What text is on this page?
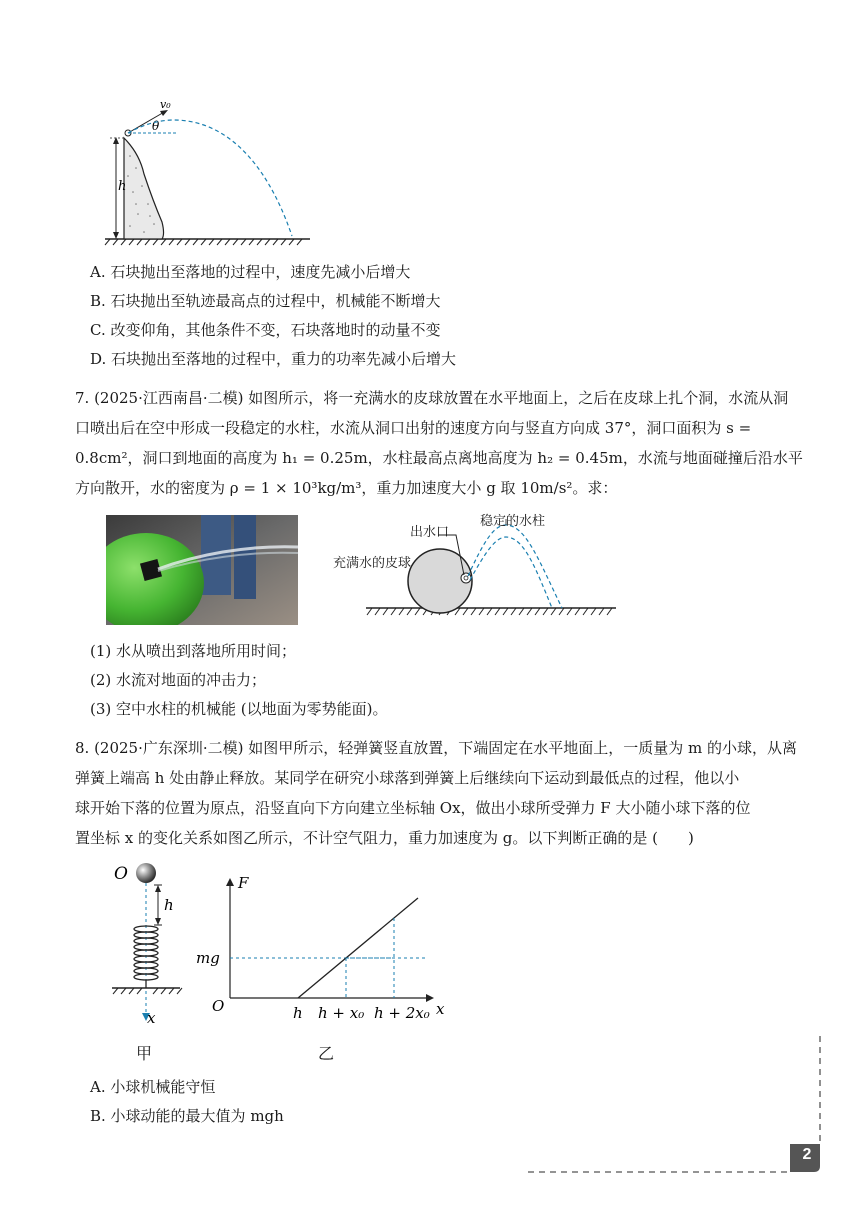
h
v₀
θ
A. 石块抛出至落地的过程中，速度先减小后增大
B. 石块抛出至轨迹最高点的过程中，机械能不断增大
C. 改变仰角，其他条件不变，石块落地时的动量不变
D. 石块抛出至落地的过程中，重力的功率先减小后增大
7. (2025·江西南昌·二模) 如图所示，将一充满水的皮球放置在水平地面上，之后在皮球上扎个洞，水流从洞
口喷出后在空中形成一段稳定的水柱，水流从洞口出射的速度方向与竖直方向成 37°，洞口面积为 s =
0.8cm²，洞口到地面的高度为 h₁ = 0.25m，水柱最高点离地高度为 h₂ = 0.45m，水流与地面碰撞后沿水平
方向散开，水的密度为 ρ = 1 × 10³kg/m³，重力加速度大小 g 取 10m/s²。求：
出水口
稳定的水柱
充满水的皮球
(1) 水从喷出到落地所用时间；
(2) 水流对地面的冲击力；
(3) 空中水柱的机械能 (以地面为零势能面)。
8. (2025·广东深圳·二模) 如图甲所示，轻弹簧竖直放置，下端固定在水平地面上，一质量为 m 的小球，从离
弹簧上端高 h 处由静止释放。某同学在研究小球落到弹簧上后继续向下运动到最低点的过程，他以小
球开始下落的位置为原点，沿竖直向下方向建立坐标轴 Ox，做出小球所受弹力 F 大小随小球下落的位
置坐标 x 的变化关系如图乙所示，不计空气阻力，重力加速度为 g。以下判断正确的是 (　　)
O
x
h
甲
F
x
O
mg
h h + x₀ h + 2x₀
乙
A. 小球机械能守恒
B. 小球动能的最大值为 mgh
2
